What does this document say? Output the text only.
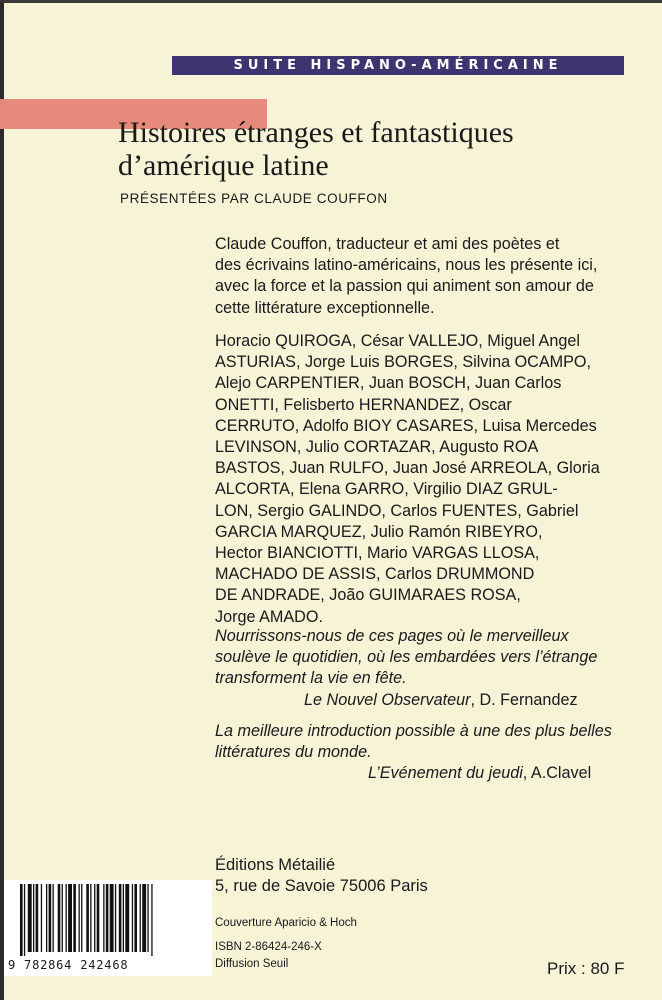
SUITE HISPANO-AMÉRICAINE
Histoires étranges et fantastiques
d’amérique latine
PRÉSENTÉES PAR CLAUDE COUFFON
Claude Couffon, traducteur et ami des poètes et
des écrivains latino-américains, nous les présente ici,
avec la force et la passion qui animent son amour de
cette littérature exceptionnelle.
Horacio QUIROGA, César VALLEJO, Miguel Angel
ASTURIAS, Jorge Luis BORGES, Silvina OCAMPO,
Alejo CARPENTIER, Juan BOSCH, Juan Carlos
ONETTI, Felisberto HERNANDEZ, Oscar
CERRUTO, Adolfo BIOY CASARES, Luisa Mercedes
LEVINSON, Julio CORTAZAR, Augusto ROA
BASTOS, Juan RULFO, Juan José ARREOLA, Gloria
ALCORTA, Elena GARRO, Virgilio DIAZ GRUL-
LON, Sergio GALINDO, Carlos FUENTES, Gabriel
GARCIA MARQUEZ, Julio Ramón RIBEYRO,
Hector BIANCIOTTI, Mario VARGAS LLOSA,
MACHADO DE ASSIS, Carlos DRUMMOND
DE ANDRADE, João GUIMARAES ROSA,
Jorge AMADO.
Nourrissons-nous de ces pages où le merveilleux
soulève le quotidien, où les embardées vers l’étrange
transforment la vie en fête.
Le Nouvel Observateur, D. Fernandez
La meilleure introduction possible à une des plus belles
littératures du monde.
L’Evénement du jeudi, A.Clavel
Éditions Métailié
5, rue de Savoie 75006 Paris
Couverture Aparicio & Hoch
ISBN 2-86424-246-X
Diffusion Seuil
9 782864 242468	Prix : 80 F
